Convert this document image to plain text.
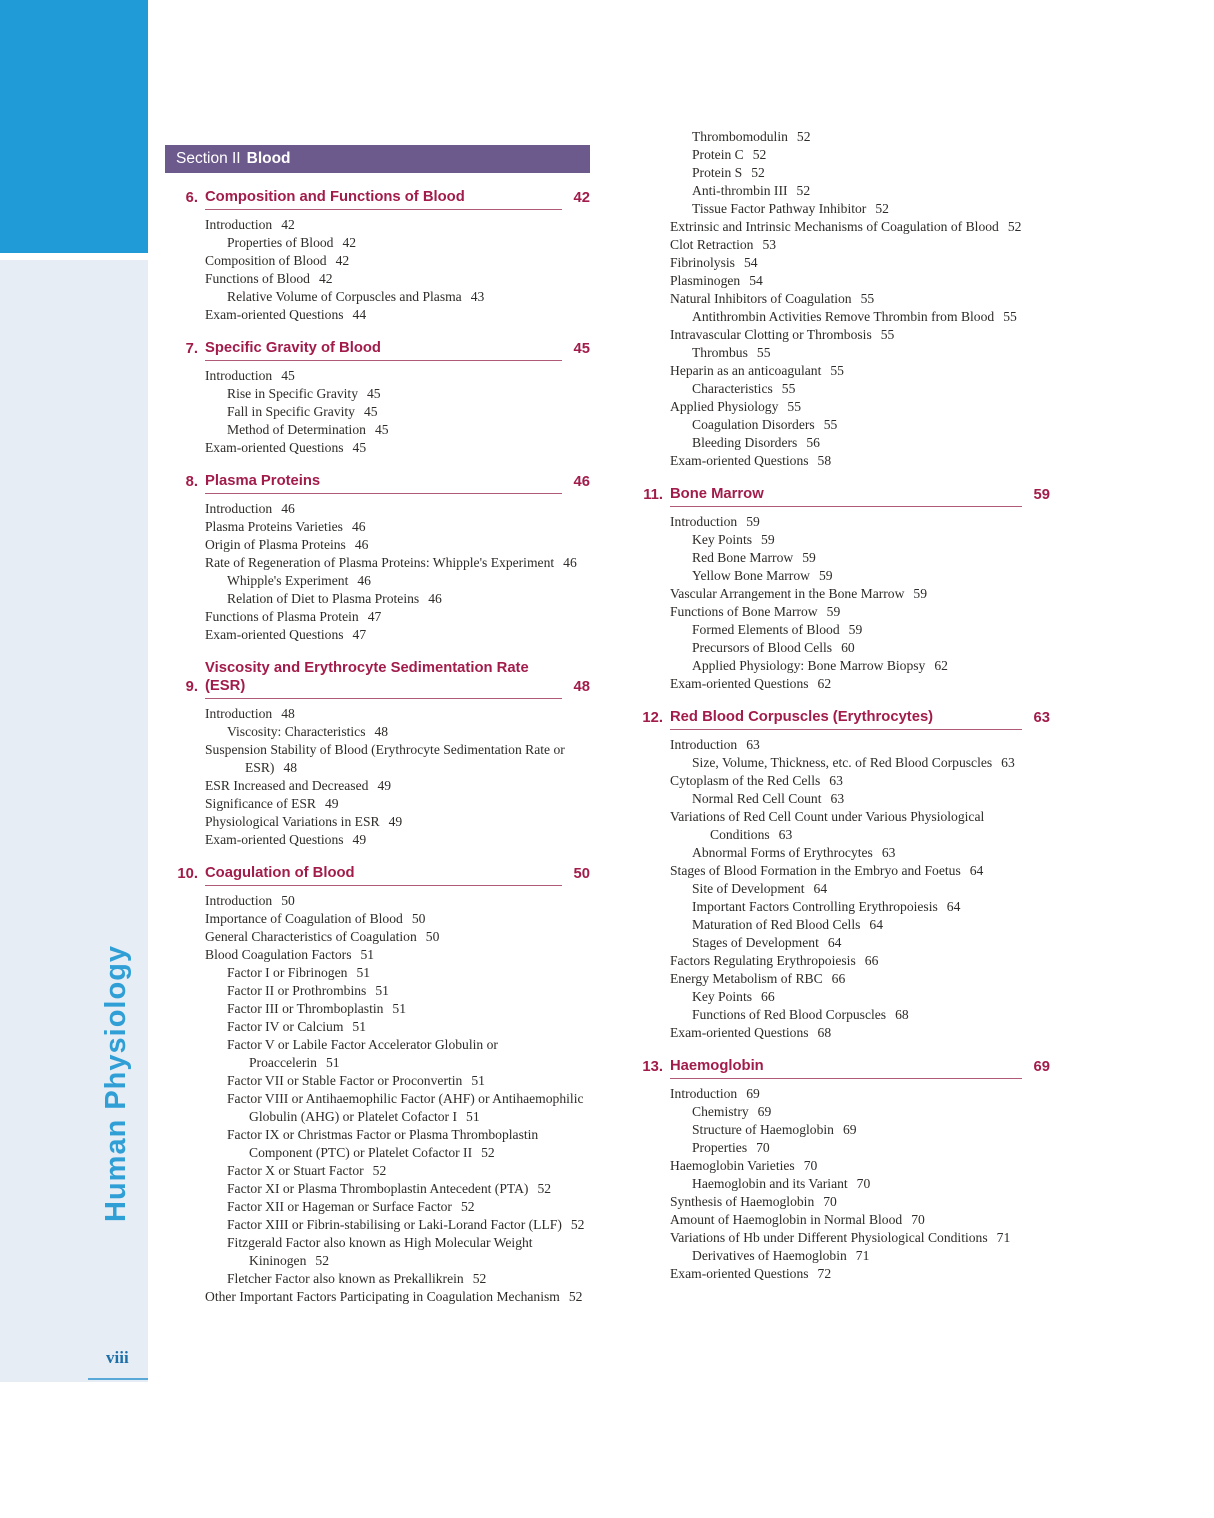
Human Physiology
viii
Section II Blood
6. Composition and Functions of Blood	42
Introduction 42
Properties of Blood 42
Composition of Blood 42
Functions of Blood 42
Relative Volume of Corpuscles and Plasma 43
Exam-oriented Questions 44
7. Specific Gravity of Blood	45
Introduction 45
Rise in Specific Gravity 45
Fall in Specific Gravity 45
Method of Determination 45
Exam-oriented Questions 45
8. Plasma Proteins	46
Introduction 46
Plasma Proteins Varieties 46
Origin of Plasma Proteins 46
Rate of Regeneration of Plasma Proteins: Whipple's Experiment 46
Whipple's Experiment 46
Relation of Diet to Plasma Proteins 46
Functions of Plasma Protein 47
Exam-oriented Questions 47
9.
Viscosity and Erythrocyte Sedimentation Rate (ESR)	48
Introduction 48
Viscosity: Characteristics 48
Suspension Stability of Blood (Erythrocyte Sedimentation Rate or ESR) 48
ESR Increased and Decreased 49
Significance of ESR 49
Physiological Variations in ESR 49
Exam-oriented Questions 49
10. Coagulation of Blood	50
Introduction 50
Importance of Coagulation of Blood 50
General Characteristics of Coagulation 50
Blood Coagulation Factors 51
Factor I or Fibrinogen 51
Factor II or Prothrombins 51
Factor III or Thromboplastin 51
Factor IV or Calcium 51
Factor V or Labile Factor Accelerator Globulin or Proaccelerin 51
Factor VII or Stable Factor or Proconvertin 51
Factor VIII or Antihaemophilic Factor (AHF) or Antihaemophilic Globulin (AHG) or Platelet Cofactor I 51
Factor IX or Christmas Factor or Plasma Thromboplastin Component (PTC) or Platelet Cofactor II 52
Factor X or Stuart Factor 52
Factor XI or Plasma Thromboplastin Antecedent (PTA) 52
Factor XII or Hageman or Surface Factor 52
Factor XIII or Fibrin-stabilising or Laki-Lorand Factor (LLF) 52
Fitzgerald Factor also known as High Molecular Weight Kininogen 52
Fletcher Factor also known as Prekallikrein 52
Other Important Factors Participating in Coagulation Mechanism 52
Thrombomodulin 52
Protein C 52
Protein S 52
Anti-thrombin III 52
Tissue Factor Pathway Inhibitor 52
Extrinsic and Intrinsic Mechanisms of Coagulation of Blood 52
Clot Retraction 53
Fibrinolysis 54
Plasminogen 54
Natural Inhibitors of Coagulation 55
Antithrombin Activities Remove Thrombin from Blood 55
Intravascular Clotting or Thrombosis 55
Thrombus 55
Heparin as an anticoagulant 55
Characteristics 55
Applied Physiology 55
Coagulation Disorders 55
Bleeding Disorders 56
Exam-oriented Questions 58
11. Bone Marrow	59
Introduction 59
Key Points 59
Red Bone Marrow 59
Yellow Bone Marrow 59
Vascular Arrangement in the Bone Marrow 59
Functions of Bone Marrow 59
Formed Elements of Blood 59
Precursors of Blood Cells 60
Applied Physiology: Bone Marrow Biopsy 62
Exam-oriented Questions 62
12. Red Blood Corpuscles (Erythrocytes)	63
Introduction 63
Size, Volume, Thickness, etc. of Red Blood Corpuscles 63
Cytoplasm of the Red Cells 63
Normal Red Cell Count 63
Variations of Red Cell Count under Various Physiological Conditions 63
Abnormal Forms of Erythrocytes 63
Stages of Blood Formation in the Embryo and Foetus 64
Site of Development 64
Important Factors Controlling Erythropoiesis 64
Maturation of Red Blood Cells 64
Stages of Development 64
Factors Regulating Erythropoiesis 66
Energy Metabolism of RBC 66
Key Points 66
Functions of Red Blood Corpuscles 68
Exam-oriented Questions 68
13. Haemoglobin	69
Introduction 69
Chemistry 69
Structure of Haemoglobin 69
Properties 70
Haemoglobin Varieties 70
Haemoglobin and its Variant 70
Synthesis of Haemoglobin 70
Amount of Haemoglobin in Normal Blood 70
Variations of Hb under Different Physiological Conditions 71
Derivatives of Haemoglobin 71
Exam-oriented Questions 72
